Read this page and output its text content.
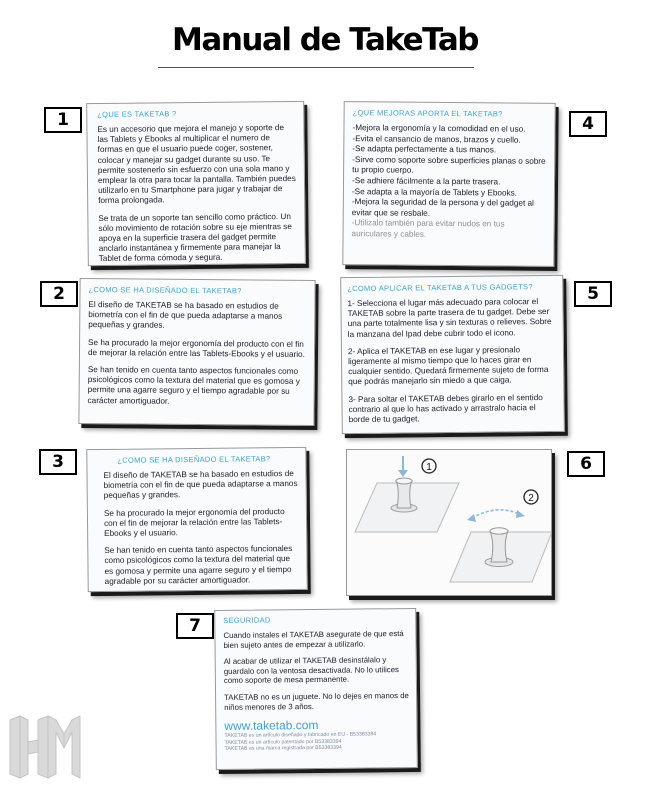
Manual de TakeTab
1
2
3
4
5
6
7
¿QUE ES TAKETAB ?

Es un accesorio que mejora el manejo y soporte de las Tablets y Ebooks al multiplicar el numero de formas en que el usuario puede coger, sostener, colocar y manejar su gadget durante su uso. Te permite sostenerlo sin esfuerzo con una sola mano y emplear la otra para tocar la pantalla. También puedes utilizarlo en tu Smartphone para jugar y trabajar de forma prolongada.

Se trata de un soporte tan sencillo como práctico. Un sólo movimiento de rotación sobre su eje mientras se apoya en la superficie trasera del gadget permite anclarlo instantánea y firmemente para manejar la Tablet de forma cómoda y segura.

¿COMO SE HA DISEÑADO EL TAKETAB?

El diseño de TAKETAB se ha basado en estudios de biometría con el fin de que pueda adaptarse a manos pequeñas y grandes.

Se ha procurado la mejor ergonomía del producto con el fin de mejorar la relación entre las Tablets-Ebooks y el usuario.

Se han tenido en cuenta tanto aspectos funcionales como psicológicos como la textura del material que es gomosa y permite una agarre seguro y el tiempo agradable por su carácter amortiguador.

¿COMO SE HA DISEÑADO EL TAKETAB?

El diseño de TAKETAB se ha basado en estudios de biometría con el fin de que pueda adaptarse a manos pequeñas y grandes.

Se ha procurado la mejor ergonomía del producto con el fin de mejorar la relación entre las Tablets-Ebooks y el usuario.

Se han tenido en cuenta tanto aspectos funcionales como psicológicos como la textura del material que es gomosa y permite una agarre seguro y el tiempo agradable por su carácter amortiguador.

¿QUE MEJORAS APORTA EL TAKETAB?
-Mejora la ergonomía y la comodidad en el uso.
-Evita el cansancio de manos, brazos y cuello.
-Se adapta perfectamente a tus manos.
-Sirve como soporte sobre superficies planas o sobre tu propio cuerpo.
-Se adhiere fácilmente a la parte trasera.
-Se adapta a la mayoría de Tablets y Ebooks.
-Mejora la seguridad de la persona y del gadget al evitar que se resbale.
-Utilizalo también para evitar nudos en tus auriculares y cables.
¿COMO APLICAR EL TAKETAB A TUS GADGETS?

1- Selecciona el lugar más adecuado para colocar el TAKETAB sobre la parte trasera de tu gadget. Debe ser una parte totalmente lisa y sin texturas o relieves. Sobre la manzana del Ipad debe cubrir todo el icono.

2- Aplica el TAKETAB en ese lugar y presionalo ligeramente al mismo tiempo que lo haces girar en cualquier sentido. Quedará firmemente sujeto de forma que podrás manejarlo sin miedo a que caiga.

3- Para soltar el TAKETAB debes girarlo en el sentido contrario al que lo has activado y arrastralo hacia el borde de tu gadget.

1
2
SEGURIDAD

Cuando instales el TAKETAB asegurate de que está bien sujeto antes de empezar a utilizarlo.

Al acabar de utilizar el TAKETAB desinstálalo y guardalo con la ventosa desactivada. No lo utilices como soporte de mesa permanente.

TAKETAB no es un juguete. No lo dejes en manos de niños menores de 3 años.

www.taketab.com
TAKETAB es un artículo diseñado y fabricado en EU - B53383394
TAKETAB es un artículo patentado por B53383394
TAKETAB es una marca registrada por B53383394
